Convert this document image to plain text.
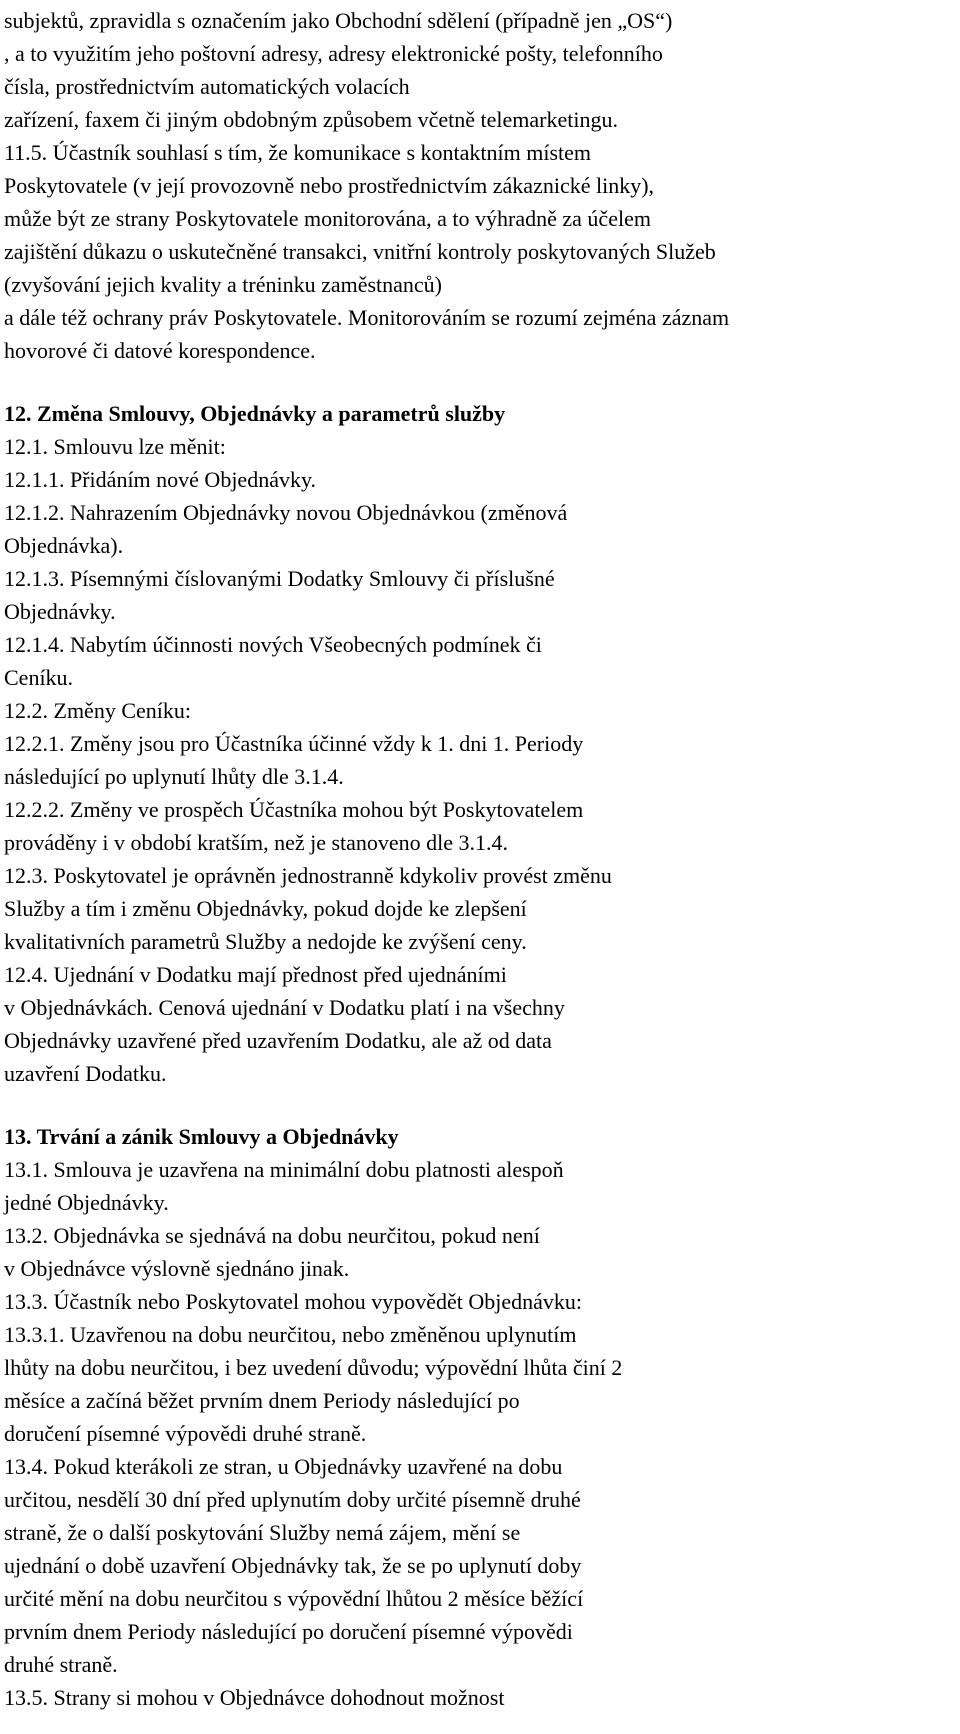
subjektů, zpravidla s označením jako Obchodní sdělení (případně jen „OS“)
, a to využitím jeho poštovní adresy, adresy elektronické pošty, telefonního
čísla, prostřednictvím automatických volacích
zařízení, faxem či jiným obdobným způsobem včetně telemarketingu.
11.5. Účastník souhlasí s tím, že komunikace s kontaktním místem
Poskytovatele (v její provozovně nebo prostřednictvím zákaznické linky),
může být ze strany Poskytovatele monitorována, a to výhradně za účelem
zajištění důkazu o uskutečněné transakci, vnitřní kontroly poskytovaných Služeb
(zvyšování jejich kvality a tréninku zaměstnanců)
a dále též ochrany práv Poskytovatele. Monitorováním se rozumí zejména záznam
hovorové či datové korespondence.
12. Změna Smlouvy, Objednávky a parametrů služby
12.1. Smlouvu lze měnit:
12.1.1. Přidáním nové Objednávky.
12.1.2. Nahrazením Objednávky novou Objednávkou (změnová
Objednávka).
12.1.3. Písemnými číslovanými Dodatky Smlouvy či příslušné
Objednávky.
12.1.4. Nabytím účinnosti nových Všeobecných podmínek či
Ceníku.
12.2. Změny Ceníku:
12.2.1. Změny jsou pro Účastníka účinné vždy k 1. dni 1. Periody
následující po uplynutí lhůty dle 3.1.4.
12.2.2. Změny ve prospěch Účastníka mohou být Poskytovatelem
prováděny i v období kratším, než je stanoveno dle 3.1.4.
12.3. Poskytovatel je oprávněn jednostranně kdykoliv provést změnu
Služby a tím i změnu Objednávky, pokud dojde ke zlepšení
kvalitativních parametrů Služby a nedojde ke zvýšení ceny.
12.4. Ujednání v Dodatku mají přednost před ujednáními
v Objednávkách. Cenová ujednání v Dodatku platí i na všechny
Objednávky uzavřené před uzavřením Dodatku, ale až od data
uzavření Dodatku.
13. Trvání a zánik Smlouvy a Objednávky
13.1. Smlouva je uzavřena na minimální dobu platnosti alespoň
jedné Objednávky.
13.2. Objednávka se sjednává na dobu neurčitou, pokud není
v Objednávce výslovně sjednáno jinak.
13.3. Účastník nebo Poskytovatel mohou vypovědět Objednávku:
13.3.1. Uzavřenou na dobu neurčitou, nebo změněnou uplynutím
lhůty na dobu neurčitou, i bez uvedení důvodu; výpovědní lhůta činí 2
měsíce a začíná běžet prvním dnem Periody následující po
doručení písemné výpovědi druhé straně.
13.4. Pokud kterákoli ze stran, u Objednávky uzavřené na dobu
určitou, nesdělí 30 dní před uplynutím doby určité písemně druhé
straně, že o další poskytování Služby nemá zájem, mění se
ujednání o době uzavření Objednávky tak, že se po uplynutí doby
určité mění na dobu neurčitou s výpovědní lhůtou 2 měsíce běžící
prvním dnem Periody následující po doručení písemné výpovědi
druhé straně.
13.5. Strany si mohou v Objednávce dohodnout možnost
